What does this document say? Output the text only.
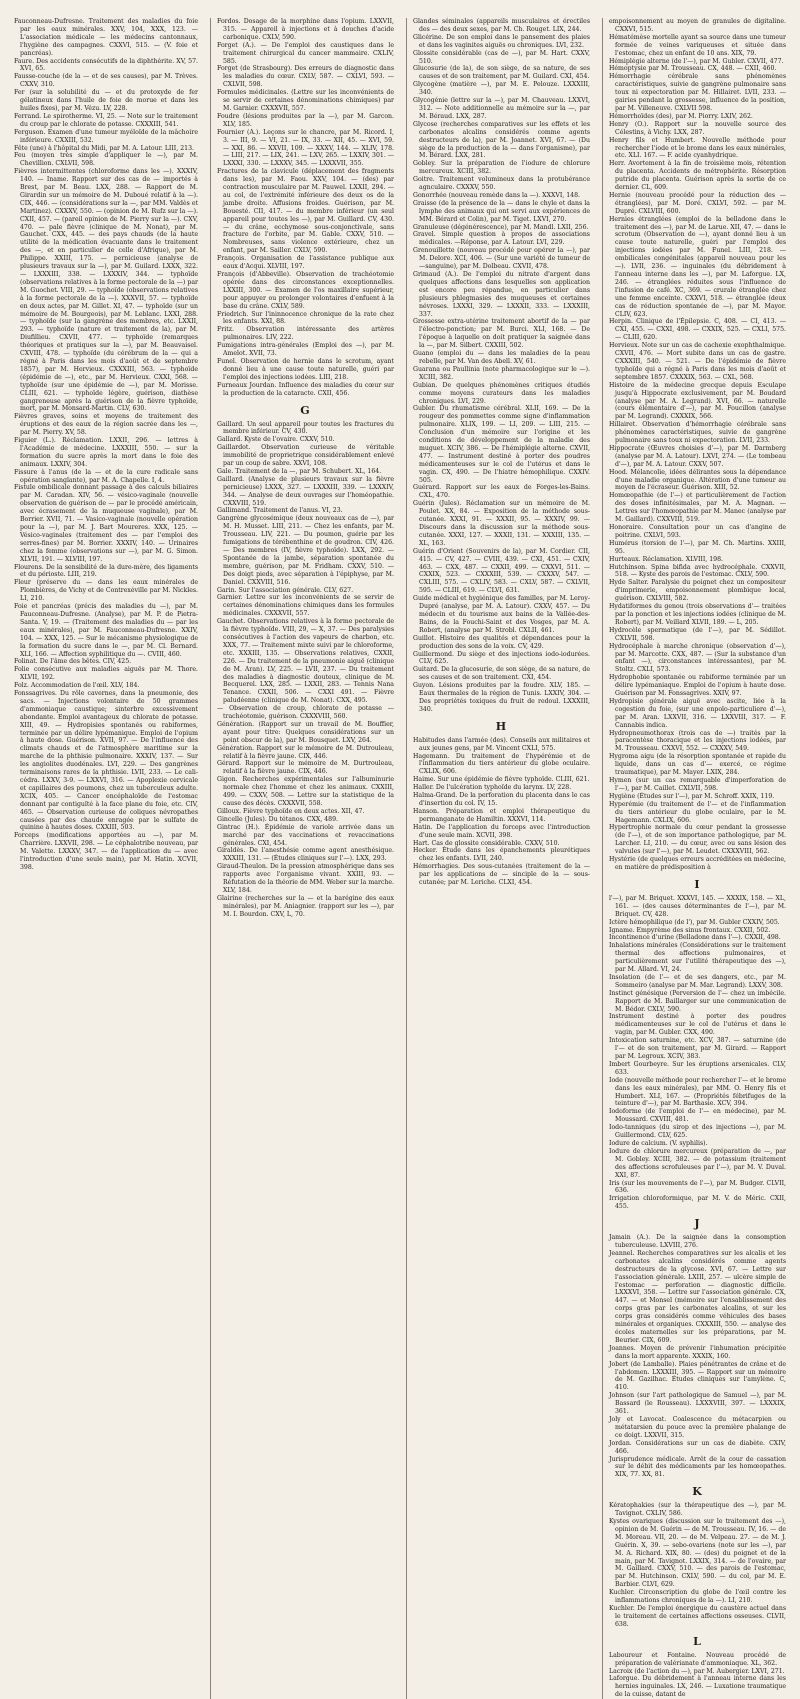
Fauconneau-Dufresne. Traitement des maladies du foie par les eaux minérales. XXV, 104, XXX, 123. — L'association médicale — les médecins cantonnaux, l'hygiène des campagnes. CXXVI, 515. — (V. foie et pancréas).

Faure. Des accidents consécutifs de la diphthérite. XV, 57. XVI, 65.

Fausse-couche (de la — et de ses causes), par M. Trèves. CXXV, 310.

Fer (sur la solubilité du — et du protoxyde de fer gélatineux dans l'huile de foie de morue et dans les huiles fixes), par M. Vézu. LV, 228.

Ferrand. Le spirotherme. VI, 25. — Note sur le traitement du croup par le chlorate de potasse. CXXXIII, 541.

Ferguson. Examen d'une tumeur myéloïde de la mâchoire inférieure. CXXIII, 532.

Fête (une) à l'hôpital du Midi, par M. A. Latour. LIII, 213.

Feu (moyen très simple d'appliquer le —), par M. Chevillion. CXLVII, 598.

Fièvres intermittentes (chloroforme dans les —). XXXIV, 140. — Iname. Rapport sur des cas de — importés à Brest, par M. Beau. LXX, 288. — Rapport de M. Girardin sur un mémoire de M. Duboué relatif à la —). CIX, 446. — (considérations sur la —, par MM. Valdès et Martinez). CXXXV, 550. — (opinion de M. Rufz sur la —). CXII, 457. — (pareil opinion de M. Pierry sur la —). CXV, 470. — pale fièvre (clinique de M. Nonat), par M. Gauchet. CXX, 445. — des pays chauds (de la haute utilité de la médication évacuante dans le traitement des —, et en particulier de celle d'Afrique), par M. Philippe. XXIII, 175. — pernicieuse (analyse de plusieurs travaux sur la —), par M. Guilard. LXXX, 322. — LXXXIII, 338. — LXXXIV, 344. — typhoïde (observations relatives à la forme pectorale de la —) par M. Guochet. VIII, 29. — typhoïde (observations relatives à la forme pectorale de la —). XXXVII, 57. — typhoïde en deux actes, par M. Gillet. XI, 47. — typhoïde (sur un mémoire de M. Bourgeois), par M. Leblanc. LXXI, 288. — typhoïde (sur la gangrène des membres, etc. LXXII, 293. — typhoïde (nature et traitement de la), par M. Diufillieu. CXVII, 477. — typhoïde (remarques théoriques et pratiques sur la —), par M. Beauvaisel. CXVIII, 478. — typhoïde (du cérébrum de la — qui a régné à Paris dans les mois d'août et de septembre 1857), par M. Hervieux. CXXXIII, 563. — typhoïde (épidémie de —), etc., par M. Hervieux. CXXI, 568. — typhoïde (sur une épidémie de —), par M. Morisse. CLIII, 621. — typhoïde légère, guérison, diathèse gangreneuse après la guérison de la fièvre typhoïde, mort, par M. Monsard-Martin. CLV, 630.

Fièvres graves, soins et moyens de traitement des éruptions et des eaux de la région sacrée dans les —, par M. Pierry. XV, 58.

Figuier (L.). Réclamation. LXXII, 296. — lettres à l'Académie de médecine. LXXXIII, 550. — sur la formation du sucre après la mort dans le foie des animaux. LXXIV, 304.

Fissure à l'anus (de la — et de la cure radicale sans opération sanglante), par M. A. Chapelle. I, 4.

Fistule ombilicale donnant passage à des calculs biliaires par M. Caradan. XIV, 56. — vésico-vaginale (nouvelle observation de guérison de — par le procédé américain, avec écrasement de la muqueuse vaginale), par M. Borrier. XVII, 71. — Vasico-vaginale (nouvelle opération pour la —), par M. J. Bart Moureres. XXX, 125. — Vésico-vaginales (traitement des — par l'emploi des serres-fines) par M. Borrier. XXXIV, 140. — Urinaires chez la femme (observations sur —), par M. G. Simon. XLVII, 191. — XLVIII, 197.

Flourens. De la sensibilité de la dure-mère, des ligaments et du périoste. LIII, 219.

Fleur (préserve du — dans les eaux minérales de Plombières, de Vichy et de Contrexéville par M. Nickles. LI, 210.

Foie et pancréas (précis des maladies du —), par M. Fauconneau-Dufresne. (Analyse), par M. P. de Pietra-Santa. V, 19. — (Traitement des maladies du — par les eaux minérales), par M. Fauconneau-Dufresne. XXIV, 104. — XXX, 125. — Sur le mécanisme physiologique de la formation du sucre dans le —, par M. Cl. Bernard. XLI, 166. — Affection syphilitique du —. CVIII, 460.

Folinat. De l'âme des bêtes. CIV, 425.

Folie consécutive aux maladies aiguës par M. Thore. XLVII, 192.

Folz. Accommodation de l'œil. XLV, 184.

Fonssagrives. Du rôle cavernes, dans la pneumonie, des sacs. — Injections volontaire de 50 grammes d'ammoniaque caustique; sinterbre excessivement abondante. Emploi avantageux du chlorate de potasse. XIII, 49. — Hydropisies spontanés ou rabiformes, terminée par un délire lypémanique. Emploi de l'opium à haute dose. Guérison. XVII, 97. — De l'influence des climats chauds et de l'atmosphère maritime sur la marche de la phthisie pulmonaire. XXXIV, 137. — Sur les angiolites duodénales. LVI, 229. — Des gangrènes terminaisons rares de la phthisie. LVII, 233. — Le cali-cédra. LXXV, 3-9. — LXXVI, 316. — Apoplexie cervicale et capillaires des poumons, chez un tuberculeux adulte. XCIX, 405. — Cancer encéphaloïde de l'estomac donnant par contiguïté à la face plane du foie, etc. CIV, 465. — Observation curieuse de coliques névropathes causées par des chaude enragée par le sulfate de quinine à hautes doses. CXXIII, 503.

Forceps (modifications apportées au —), par M. Charrière. LXXVII, 298. — Le céphalotribe nouveau, par M. Valette. LXXXV, 347. — de l'application du — avec l'introduction d'une seule main), par M. Hatin. XCVII, 398.

Fordos. Dosage de la morphine dans l'opium. LXXVII, 315. — Appareil à injections et à douches d'acide carbonique. CXLV, 590.

Forget (A.). — De l'emploi des caustiques dans le traitement chirurgical du cancer mammaire. CXLIV, 585.

Forget (de Strasbourg). Des erreurs de diagnostic dans les maladies du cœur. CXLV, 587. — CXLVI, 593. — CXLVII, 598.

Formules médicinales. (Lettre sur les inconvénients de se servir de certaines dénominations chimiques) par M. Garnier. CXXXVII, 557.

Foudre (lésions produites par la —), par M. Garcon. XLV, 185.

Fournier (A.). Leçons sur le chancre, par M. Ricord. I, 3. — III, 9. — VI, 21. — IX, 33. — XII, 45. — XVI, 59. — XXI, 86. — XXVII, 109. — XXXV, 144. — XLIV, 178. — LIII, 217. — LIX, 241. — LXV, 265. — LXXIV, 301. — LXXXI, 330. — LXXXV, 345. — LXXXVII, 355.

Fractures de la clavicule (déplacement des fragments dans les), par M. Faou. XXV, 104. — (des) par contraction musculaire par M. Pauwel. LXXII, 294. — au col, de l'extrémité inférieure des deux os de la jambe droite. Affusions froides. Guérison, par M. Bouesté. CII, 417. — du membre inférieur (un seul appareil pour toutes les —), par M. Guillard. CV, 430. — du crâne, ecchymose sous-conjonctivale, sans fracture de l'orbite, par M. Gable. CXXV, 510. — Nombreuses, sans violence extérieure, chez un enfant, par M. Sailler. CXLV, 590.

François. Organisation de l'assistance publique aux eaux d'Acqui. XLVIII, 197.

François (d'Abbeville). Observation de trachéotomie opérée dans des circonstances exceptionnelles. LXXIII, 300. — Examen de l'os maxillaire supérieur, pour appuyer ou prolonger volontaires d'enfuent à la base du crâne. CXLV, 589.

Friedrich. Sur l'ininnocence chronique de la rate chez les enfants. XXI, 88.

Fritz. Observation intéressante des artères pulmonaires. LIV, 222.

Fumigations intra-générales (Emploi des —), par M. Amelot. XVII, 73.

Funel. Observation de hernie dans le scrotum, ayant donné lieu à une cause toute naturelle, guéri par l'emploi des injections iodées. LIII, 218.

Furneaux Jourdan. Influence des maladies du cœur sur la production de la cataracte. CXII, 456.

G

Gaillard. Un seul appareil pour toutes les fractures du membre inférieur. CV, 430.

Gallard. Kyste de l'ovaire. CXXV, 510.

Gaillardot. Observation curieuse de véritable immobilité de proprietrique considérablement enlevé par un coup de sabre. XXVI, 108.

Gale. Traitement de la —, par M. Schubert. XL, 164.

Gaillard. (Analyse de plusieurs travaux sur la fièvre pernicieuse) LXXX, 327. — LXXXIII, 339. — LXXXIV, 344. — Analyse de deux ouvrages sur l'homéopathie. CXXVIII, 519.

Gallimand. Traitement de l'anus. VI, 23.

Gangrène glycosémique (deux nouveaux cas de —), par M. H. Musset. LIII, 211. — Chez les enfants, par M. Trousseau. LIV, 221. — Du poumon, guérie par les fumigations de térébenthine et de goudron. CIV, 426. — Des membres (IV, fièvre typhoïde). LXX, 292. — Spontanée de la jambe, séparation spontanée du membre, guérison, par M. Fridham. CXXV, 510. — Des doigt pieds, avec séparation à l'épiphyse, par M. Daniel. CXXVIII, 516.

Garin. Sur l'association générale. CLV, 627.

Garnier. Lettre sur les inconvénients de se servir de certaines dénominations chimiques dans les formules médicinales. CXXXVII, 557.

Gauchet. Observations relatives à la forme pectorale de la fièvre typhoïde. VIII, 29, — X, 37. — Des paralysies consécutives à l'action des vapeurs de charbon, etc. XXX, 77. — Traitement mixte suivi par le chloroforme, etc. XXXIII, 135. — Observations relatives, CXXII, 226. — Du traitement de la pneumonie aiguë (clinique de M. Aran). LV, 225. — LVII, 237. — Du traitement des maladies à diagnostic douteux, clinique de M. Becquerel. LXX, 285. — LXXII, 283. — Tennis Nana Tenance. CXXII, 506. — CXXI 491. — Fièvre paludéenne (clinique de M. Nonat). CXX, 495.

— Observation de croup, chlorate de potasse — trachéotomie, guérison. CXXXVIII, 560.

Génération. (Rapport sur un travail de M. Bouffier, ayant pour titre: Quelques considérations sur un point obscur de la), par M. Bousquet. LXV, 264.

Génération. Rapport sur le mémoire de M. Dutrouleau, relatif à la fièvre jaune. CIX, 446.

Gérard. Rapport sur le mémoire de M. Durtrouleau, relatif à la fièvre jaune. CIX, 446.

Gigon. Recherches expérimentales sur l'albuminurie normale chez l'homme et chez les animaux. CXXIII, 499. — CXXV, 508. — Lettre sur la statistique de la cause des décès. CXXXVII, 558.

Gilloux. Fièvre typhoïde en deux actes. XII, 47.

Gincelle (Jules). Du tétanos. CXX, 489.

Gintrac (H.). Épidémie de variole arrivée dans un marché par des vaccinations et revaccinations générales. CXI, 454.

Giraldès. De l'anesthésie comme agent anesthésique. XXXIII, 131. — (Études cliniques sur l'—). LXX, 293.

Giraud-Theulon. De la pression atmosphérique dans ses rapports avec l'organisme vivant. XXIII, 93. — Réfutation de la théorie de MM. Weber sur la marche. XLV, 184.

Glairine (recherches sur la — et la barégine des eaux minérales), par M. Aniagnier. (rapport sur les —), par M. I. Bourdon. CXV, L, 70.

Glandes séminales (appareils musculaires et érectiles des — des deux sexes, par M. Ch. Rouget. LIX, 244.

Glicérine. De son emploi dans le pansement des plaies et dans les vaginites aiguës ou chroniques. LVI, 232.

Glossite considérable (cas de —), par M. Hart. CXXV, 510.

Glucosurie (de la), de son siège, de sa nature, de ses causes et de son traitement, par M. Guilard. CXI, 454.

Glycogène (matière —), par M. E. Pelouze. LXXXIII, 340.

Glycogénie (lettre sur la —), par M. Chauveau. LXXVI, 312. — Note additionnelle au mémoire sur la —, par M. Béraud. LXX, 287.

Glycose (recherches comparatives sur les effets et les carbonates alcalins considérés comme agents destructeurs de la), par M. Joannet. XVI, 67. — (Du siège de la production de la — dans l'organisme), par M. Bérard. LXX, 281.

Gobley. Sur la préparation de l'iodure de chlorure mercureux. XCIII, 382.

Goitre. Traitement volumineux dans la protubérance agnculaire. CXXXV, 550.

Gonorrhée (nouveau remède dans la —). XXXVI, 148.

Graisse (de la présence de la — dans le chyle et dans la lymphe des animaux qui ont servi aux expériences de MM. Bérard et Colin), par M. Tiget. LXVI, 270.

Granuleuse (dégénérescence), par M. Mandl. LXII, 256.

Gravel. Simple question à propos de associations médicales. —Réponse, par A. Latour. LVI, 229.

Grenouillette (nouveau procédé pour opérer la —), par M. Delore. XCI, 406. — (Sur une variété de tumeur de —sanguine), par M. Dolbeau. CXVII, 478.

Grimaud (A.). De l'emploi du nitrate d'argent dans quelques affections dans lesquelles son application est encore peu répandue, en particulier dans plusieurs phlegmasies des muqueuses et certaines névroses. LXXXI, 329. — LXXXII, 333. — LXXXIII, 337.

Grossesse extra-utérine traitement abortif de la — par l'électro-ponction; par M. Burci. XLI, 168. — De l'époque à laquelle on doit pratiquer la saignée dans la —, par M. Silbert. CXXIII, 502.

Guano (emploi du — dans les maladies de la peau rebelle, par M. Van des Abell. XV, 61.

Guarana ou Paullinia (note pharmacologique sur le —). XCIII, 382.

Gubian. De quelques phénomènes critiques étudiés comme moyens curateurs dans les maladies chroniques. LVI, 229.

Gubler. Du rhumatisme cérébral. XLII, 169. — De la rougeur des pommettes comme signe d'inflammation pulmonaire. XLIX, 199. — LI, 209. — LIII, 215. — Conclusion d'un mémoire sur l'origine et les conditions de développement de la maladie des muguet. XCIV, 386. — De l'hémiplégie alterne. CXVII, 477. — Instrument destiné à porter des poudres médicamenteuses sur le col de l'utérus et dans le vagin. CX, 490. — De l'hiatre hémophilique. CXXIV. 505.

Guérard. Rapport sur les eaux de Forges-les-Bains. CXL, 470.

Guérin (Jules). Réclamation sur un mémoire de M. Poulet. XX, 84. — Exposition de la méthode sous-cutanée. XXXI, 91. — XXXII, 95. — XXXIV, 99. — Discours dans la discussion sur la méthode sous-cutanée. XXXI, 127. — XXXII, 131. — XXXIII, 135. — XL, 163.

Guérin d'Orient (Souvenirs de la), par M. Cordier. CII, 415. — CV, 427. — CVIII, 439. — CXI, 451. — CXIV, 463. — CXX, 487. — CXXII, 499. — CXXVI, 511. — CXXIX, 523. — CXXXIII, 539. — CXXXV, 547. — CXLIII, 575. — CXLIV, 583. — CXLV, 587. — CXLVII, 595. — CLIII, 619. — CLVI, 631.

Guide médical et hygiénique des familles, par M. Leroy-Dupré (analyse, par M. A. Latour). CXXV, 457. — Du médecin et du tourisme aux bains de la Vallée-des-Bains, de la Fouchi-Saint et des Vosges, par M. A. Robert, (analyse par M. Strobl. CXLII, 461.

Guillot. Histoire des qualités et dépendances pour la production des sons de la voix. CV, 429.

Guillermond. Du siège et des injections iodo-iodurées. CLV, 625.

Guitard. De la glucosurie, de son siège, de sa nature, de ses causes et de son traitement. CXI, 454.

Guyon. Lésions produites par la foudre. XLV, 185. — Eaux thermales de la région de Tunis. LXXIV, 304. — Des propriétés toxiques du fruit de redoul. LXXXIII, 340.

H

Habitudes dans l'armée (des). Conseils aux militaires et aux jeunes gens, par M. Vincent CXLI, 575.

Hagemann. Du traitement de l'hypérémie et de l'inflammation du tiers antérieur du globe oculaire. CXLIX, 606.

Haime. Sur une épidémie de fièvre typhoïde. CLIII, 621.

Haller. De l'ulcération typhoïde du larynx. LV, 228.

Halma-Grand. De la perforation du placenta dans le cas d'insertion du col. IV, 15.

Hanson. Préparation et emploi thérapeutique du permanganate de Hamiltin. XXXVI, 114.

Hatin. De l'application du forceps avec l'introduction d'une seule main. XCVII, 398.

Hart. Cas de glossite considérable. CXXV, 510.

Hecker. Étude dans les épanchements pleurétiques chez les enfants. LVII, 240.

Hémorrhagies. Des sous-cutanées (traitement de la — par les applications de — sinciple de la — sous-cutanée; par M. Leriche. CLXI, 454.

empoisonnement au moyen de granules de digitaline. CXXVI, 515.

Hématémèse mortelle ayant sa source dans une tumeur formée de veines variqueuses et située dans l'estomac, chez un enfant de 10 ans. XIX, 79.

Hémiplégie alterne (de l'—), par M. Gubler. CXVII, 477.

Hémoptysie par M. Trousseau. CX, 448. — CXII, 460.

Hémorrhagie cérébrale sans phénomènes caractéristiques, suivie de gangrène pulmonaire sans toux ni expectoration par M. Hillairet. LVII, 233. — gairies pendant la grossesse, influence de la position, par M. Villeneuve. CXLVII 598.

Hémorrhoïdes (des), par M. Piorry. LXIV, 262.

Henry (O.). Rapport sur la nouvelle source des Célestins, à Vichy. LXX, 287.

Henry fils et Humbert. Nouvelle méthode pour rechercher l'iode et le brome dans les eaux minérales, etc. XLI. 167. — F. acide cyanhydrique.

Herr. Avortement à la fin de troisième mois, rétention du placenta. Accidents de métrophérite. Résorption putride du placenta. Guérison après la sortie de ce dernier. CL, 609.

Hernie (nouveau procédé pour la réduction des — étranglées), par M. Doré. CXLVI, 592. — par M. Dupré. CXLVIII, 600.

Hernies étranglées (emploi de la belladone dans le traitement des —), par M. de Larue. XII, 47. — dans le scrotum (Observation de —), ayant donné lieu à un cause toute naturelle, guéri par l'emploi des injections iodées par M. Funel. LIII, 218. — ombilicales congénitales (appareil nouveau pour les —). LVII, 236. — inguinales (du débridement à l'anneau interne dans les —), par M. Laforgue. LX, 246. — étranglées réduites sous l'influence de l'infusion de café. XC, 369. — crurale étranglée chez une femme enceinte. CXXVI, 518. — étranglée (deux cas de réduction spontanée de —), par M. Mayor. CLIV, 623.

Herpin. Clinique de l'Épilepsie. C, 408. — CI, 413. — CXI, 455. — CXXI, 498. — CXXIX, 525. — CXLI, 575. — CLIII, 620.

Hervieux. Note sur un cas de cachexie exophthalmique. CXVII, 476. — Mort subite dans un cas de gastre. CXXXIII, 540. — 521. — De l'épidémie de fièvre typhoïde qui a régné à Paris dans les mois d'août et septembre 1857. CXXXIX, 563. — CXL, 568.

Histoire de la médecine grecque depuis Esculape jusqu'à Hippocrate exclusivement, par M. Boudard (analyse par M. A. Legrand). XVI, 66. — naturelle (cours élémentaire d'—), par M. Foucillon (analyse par M. Legrand). CXXXIX, 566.

Hillairet. Observation d'hémorrhagie cérébrale sans phénomènes caractéristiques, suivie de gangrène pulmonaire sans toux ni expectoration. LVII, 233.

Hippocrate (Œuvres choisies d'—), par M. Darmberg (analyse par M. A. Latour). LXVI, 274. — (Le tombeau d'—), par M. A. Latour. CXXV, 507.

Hood. Mélancolie, idées délirantes sous la dépendance d'une maladie organique. Altération d'une tumeur au moyen de l'écraseur. Guérison. XIII, 52.

Homœopathie (de l'—) et particulièrement de l'action des doses infinitésimales, par M. A. Magnan. — Lettres sur l'homœopathie par M. Manec (analyse par M. Gaillard). CXXVIII, 519.

Honoraire. Consultation pour un cas d'angine de poitrine. CXLVI, 593.

Humérus (torsion de l'—), par M. Ch. Martins. XXIII, 95.

Hurteaux. Réclamation. XLVIII, 198.

Hutchinson. Spina bifida avec hydrocéphale. CXXVII, 518. — Kyste des parois de l'estomac. CXLV, 590.

Hyde Salter. Paralysie du poignet chez un compositeur d'imprimerie, empoisonnement plombique local, guérison. CXLVIII, 582.

Hydatiformes du genou (trois observations d'— traitées par la ponction et les injections iodées (clinique de M. Robert), par M. Veillard XLVII, 189. — L, 205.

Hydrocèle spermatique (de l'—), par M. Sédillot. CXLVII, 598.

Hydrocéphale à marche chronique (observation d'—), par M. Marcotte. CXX, 487. — (Sur la substance d'un enfant —), circonstances intéressantes), par M. Stoltz. CXLI, 573.

Hydrophobie spontanée ou rabiforme terminée par un délire lypémaniaque. Emploi de l'opium à haute dose. Guérison par M. Fonssagrives. XXIV, 97.

Hydropisie générale aiguë avec ascite, liée à la cogestion du foie, (sur une enpolo-particuliere d'—), par M. Aran. LXXVII, 316. — LXXVIII, 317. — F. Cannabis indica.

Hydropneumothorax (trois cas de —) traités par la paracentèse thoracique et les injections iodées, par M. Trousseau. CXXVI, 552. — CXXXV, 549.

Hygroma aigu (de la résorption spontanée et rapide du liquide, dans un cas d'— exercé, ce régime traumatique), par M. Mayer. LXIX, 284.

Hymen (sur un cas remarquable d'imperforation de l'—), par M. Caillet. CXLVII, 598.

Hygiène (Études sur l'—), par M. Schroff. XXIX, 119.

Hyperémie (du traitement de l'— et de l'inflammation du tiers antérieur du globe oculaire, par le M. Hagemann. CXLIX, 606.

Hypertrophie normale du cœur pendant la grossesse (de l'—), et de son importance pathologique, par M. Larcher. LI, 210. — du cœur, avec ou sans lésion des valvules (sur l'—), par M. Leudet. CXXXVIII, 562.

Hystérie (de quelques erreurs accréditées en médecine, en matière de prédisposition à

I

l'—), par M. Briquet. XXXVI, 145. — XXXIX, 158. — XL, 161. — (des causes déterminantes de l'—), par M. Briquet. CV, 428.

Ictère hémophilique (de l'), par M. Gubler CXXIV, 505.

Igname. Empyrème des sinus frontaux. CXXII, 502.

Incontinence d'urine (Belladone dans l'—). CXXII, 498.

Inhalations minérales (Considérations sur le traitement thermal des affections pulmonaires, et particulièrement sur l'utilité thérapeutique des —), par M. Allard. VI, 24.

Insolation (de l'— et de ses dangers, etc., par M. Sommeiro (analyse par M. Mar. Legrand). LXXV, 308.

Instinct génésique (Perversion de l'— chez un imbécile. Rapport de M. Baillarger sur une communication de M. Bédor. CXLV, 590.

Instrument destiné à porter des poudres médicamenteuses sur le col de l'utérus et dans le vagin, par M. Gubler. CXX, 490.

Intoxication saturnine, etc. XCV, 387. — saturnine (de l'— et de son traitement, par M. Girard. — Rapport par M. Legroux. XCIV, 383.

Imbert Gourbeyre. Sur les éruptions arsenicales. CLV, 633.

Iode (nouvelle méthode pour rechercher l'— et le brome dans les eaux minérales), par MM. O. Henry fils et Humbert. XLI, 167. — (Propriétés fébrifuges de la teinture d'—), par M. Barthasie. XCV, 394.

Iodoforme (de l'emploi de l'— en médecine), par M. Moussard. CXVIII, 481.

Iodo-tanniques (du sirop et des injections —), par M. Guillermond. CLV, 625.

Iodure de calcium. (V. syphilis).

Iodure de chlorure mercureux (préparation de —, par M. Gobley. XCIII, 382. — de potassium (traitement des affections scrofuleuses par l'—), par M. V. Duval. XXI, 87.

Iris (sur les mouvements de l'—), par M. Budger. CLVII, 636.

Irrigation chloroformique, par M. V. de Méric. CXII, 455.

J

Jamain (A.). De la saignée dans la consomption tuberculeuse. LXVIII, 276.

Jeannel. Recherches comparatives sur les alcalis et les carbonates alcalins considérés comme agents destructeurs de la glycose. XVI, 67. — Lettre sur l'association générale. LXIII, 257. — ulcère simple de l'estomac — perforation — diagnostic difficile. LXXXVI, 358. — Lettre sur l'association générale. CX, 447. — et Monsel (mémoire sur l'ensablissement des corps gras par les carbonates alcalins, et sur les corps gras considérés comme véhicules des bases minérales et organiques. CXXXIII, 550. — analyse des écoles maternelles sur les préparations, par M. Beurier. CIX, 609.

Joannes. Moyen de prévenir l'inhumation précipitée dans la mort apparente. XXXIX, 160.

Jobert (de Lamballe). Plaies pénétrantes de crâne et de l'abdomen. LXXXIII, 395. — Rapport sur un mémoire de M. Gazilhac. Études cliniques sur l'amylène. C, 410.

Johnson (sur l'art pathologique de Samuel —), par M. Bassard (le Rousseau). LXXXVIII, 397. — LXXXIX, 361.

Joly et Lavocat. Coalescence du métacarpien ou métatarsien du pouce avec la première phalange de ce doigt. LXXVII, 315.

Jordan. Considérations sur un cas de diabète. CXIV, 466.

Jurisprudence médicale. Arrêt de la cour de cassation sur le débit des médicaments par les homœopathes. XIX, 77. XX, 81.

K

Kératophakies (sur la thérapeutique des —), par M. Tavignot. CXLIV, 586.

Kystes ovariques (discussion sur le traitement des —), opinion de M. Guérin — de M. Trousseau. IV, 16. — de M. Moreau. VII, 20. — de M. Velpeau. 27. — de M. J. Guérin. X, 39. — sebo-ovariens (note sur les —), par M. A. Richard. XIX, 80. — (des) du poignet et de la main, par M. Tavignot. LXXIX, 314. — de l'ovaire, par M. Gaillard. CXXV, 510. — des parois de l'estomac, par M. Hutchinson. CXLV, 590. — du col, par M. E. Barbier. CLVI, 629.

Kuchler. Circonscription du globe de l'œil contre les inflammations chroniques de la —). LI, 210.

Kuchler. De l'emploi énergique du caustère actuel dans le traitement de certaines affections osseuses. CLVII, 638.

L

Laboureur et Fontaine. Nouveau procédé de préparation de valérianate d'ammoniaque. XL, 362.

Lacroix (de l'action du —), par M. Aubergier. LXVI, 271.

Laforgue. Du débridement à l'anneau interne dans les hernies inguinales. LX, 246. — Luxatione traumatique de la cuisse, datant de
